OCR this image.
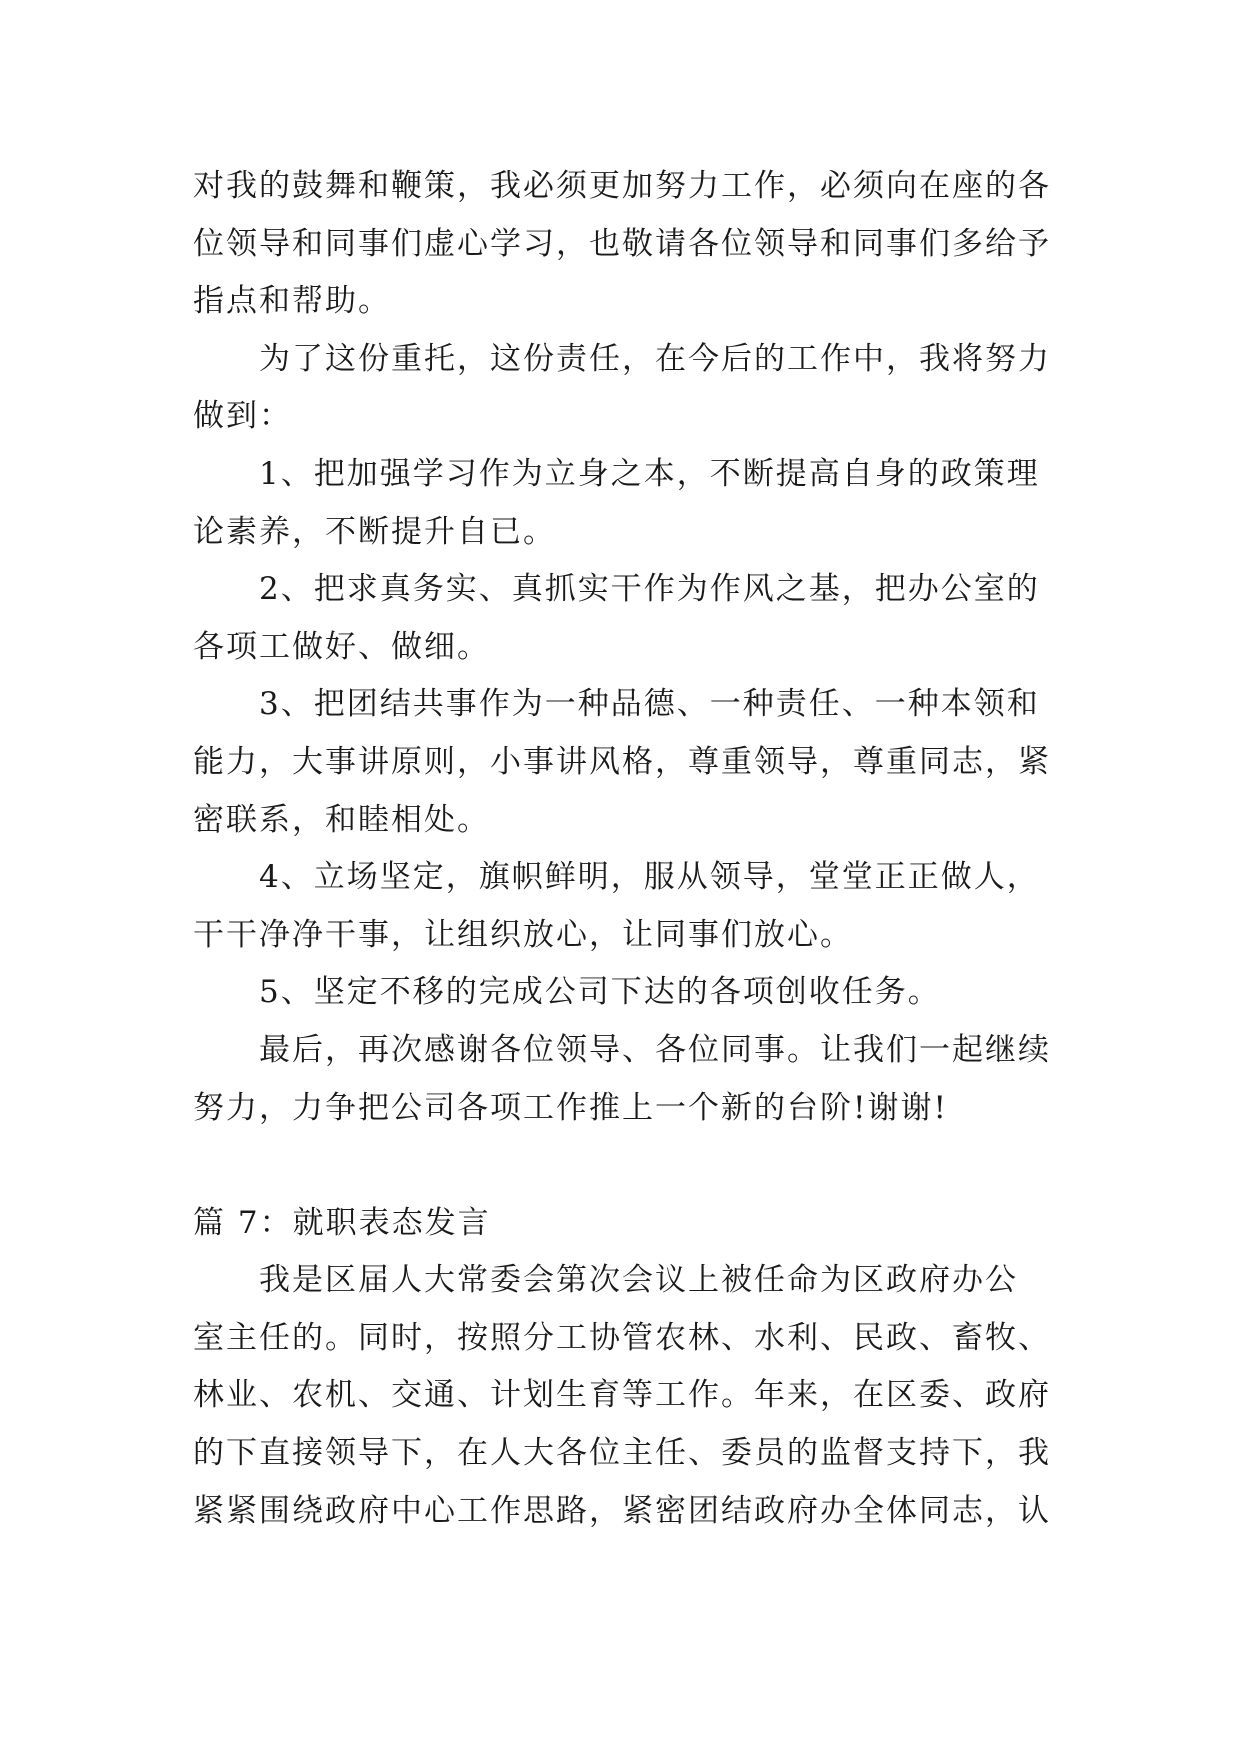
对我的鼓舞和鞭策，我必须更加努力工作，必须向在座的各
位领导和同事们虚心学习，也敬请各位领导和同事们多给予
指点和帮助。
为了这份重托，这份责任，在今后的工作中，我将努力
做到：
1、把加强学习作为立身之本，不断提高自身的政策理
论素养，不断提升自已。
2、把求真务实、真抓实干作为作风之基，把办公室的
各项工做好、做细。
3、把团结共事作为一种品德、一种责任、一种本领和
能力，大事讲原则，小事讲风格，尊重领导，尊重同志，紧
密联系，和睦相处。
4、立场坚定，旗帜鲜明，服从领导，堂堂正正做人，
干干净净干事，让组织放心，让同事们放心。
5、坚定不移的完成公司下达的各项创收任务。
最后，再次感谢各位领导、各位同事。让我们一起继续
努力，力争把公司各项工作推上一个新的台阶!谢谢!
篇 7：就职表态发言
我是区届人大常委会第次会议上被任命为区政府办公
室主任的。同时，按照分工协管农林、水利、民政、畜牧、
林业、农机、交通、计划生育等工作。年来，在区委、政府
的下直接领导下，在人大各位主任、委员的监督支持下，我
紧紧围绕政府中心工作思路，紧密团结政府办全体同志，认
